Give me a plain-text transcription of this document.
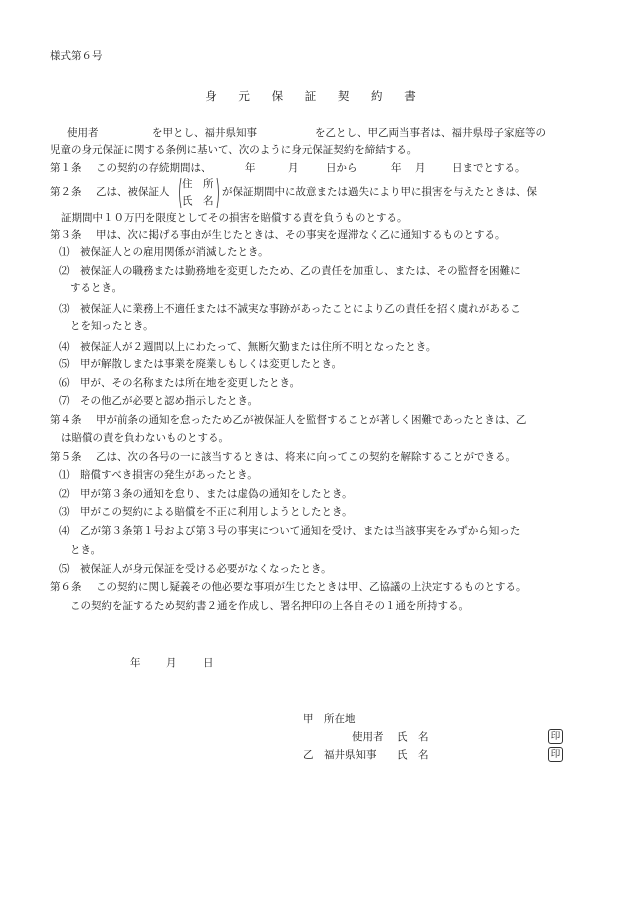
様式第６号
身 元 保 証 契 約 書
使用者	を甲とし、福井県知事	を乙とし、甲乙両当事者は、福井県母子家庭等の
児童の身元保証に関する条例に基いて、次のように身元保証契約を締結する。
第１条 この契約の存続期間は、	年	月	日から	年 月	日までとする。
第２条 乙は、被保証人
住　所
氏　名
が保証期間中に故意または過失により甲に損害を与えたときは、保
証期間中１０万円を限度としてその損害を賠償する責を負うものとする。
第３条 甲は、次に掲げる事由が生じたときは、その事実を遅滞なく乙に通知するものとする。
⑴ 被保証人との雇用関係が消滅したとき。
⑵ 被保証人の職務または勤務地を変更したため、乙の責任を加重し、または、その監督を困難に
するとき。
⑶ 被保証人に業務上不適任または不誠実な事跡があったことにより乙の責任を招く虞れがあるこ
とを知ったとき。
⑷ 被保証人が２週間以上にわたって、無断欠勤または住所不明となったとき。
⑸ 甲が解散しまたは事業を廃業しもしくは変更したとき。
⑹ 甲が、その名称または所在地を変更したとき。
⑺ その他乙が必要と認め指示したとき。
第４条 甲が前条の通知を怠ったため乙が被保証人を監督することが著しく困難であったときは、乙
は賠償の責を負わないものとする。
第５条 乙は、次の各号の一に該当するときは、将来に向ってこの契約を解除することができる。
⑴ 賠償すべき損害の発生があったとき。
⑵ 甲が第３条の通知を怠り、または虚偽の通知をしたとき。
⑶ 甲がこの契約による賠償を不正に利用しようとしたとき。
⑷ 乙が第３条第１号および第３号の事実について通知を受け、または当該事実をみずから知った
とき。
⑸ 被保証人が身元保証を受ける必要がなくなったとき。
第６条 この契約に関し疑義その他必要な事項が生じたときは甲、乙協議の上決定するものとする。
この契約を証するため契約書２通を作成し、署名押印の上各自その１通を所持する。
年 月	日
甲 所在地
使用者 氏　名	印
乙 福井県知事 氏　名	印
